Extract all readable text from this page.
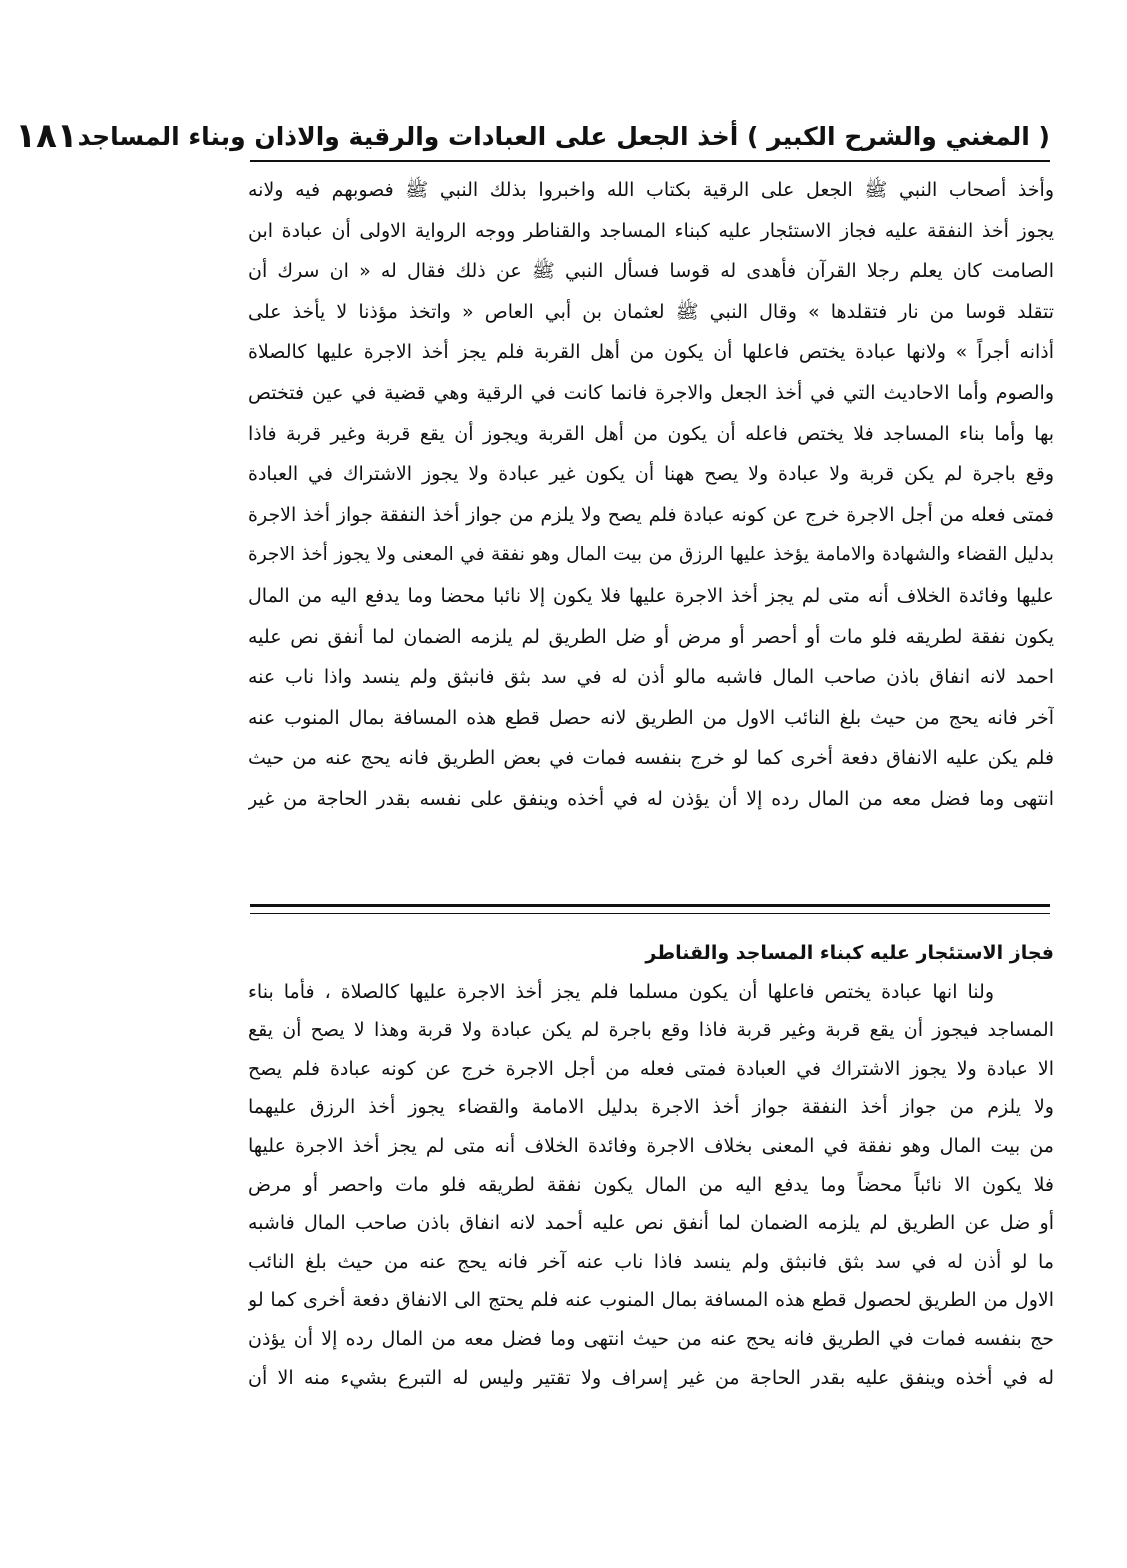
( المغني والشرح الكبير ) أخذ الجعل على العبادات والرقية والاذان وبناء المساجد
١٨١
وأخذ أصحاب النبي ﷺ الجعل على الرقية بكتاب الله واخبروا بذلك النبي ﷺ فصوبهم فيه ولانه
يجوز أخذ النفقة عليه فجاز الاستئجار عليه كبناء المساجد والقناطر ووجه الرواية الاولى أن عبادة ابن
الصامت كان يعلم رجلا القرآن فأهدى له قوسا فسأل النبي ﷺ عن ذلك فقال له « ان سرك أن
تتقلد قوسا من نار فتقلدها » وقال النبي ﷺ لعثمان بن أبي العاص « واتخذ مؤذنا لا يأخذ على
أذانه أجراً » ولانها عبادة يختص فاعلها أن يكون من أهل القربة فلم يجز أخذ الاجرة عليها كالصلاة
والصوم وأما الاحاديث التي في أخذ الجعل والاجرة فانما كانت في الرقية وهي قضية في عين فتختص
بها وأما بناء المساجد فلا يختص فاعله أن يكون من أهل القربة ويجوز أن يقع قربة وغير قربة فاذا
وقع باجرة لم يكن قربة ولا عبادة ولا يصح ههنا أن يكون غير عبادة ولا يجوز الاشتراك في العبادة
فمتى فعله من أجل الاجرة خرج عن كونه عبادة فلم يصح ولا يلزم من جواز أخذ النفقة جواز أخذ الاجرة
بدليل القضاء والشهادة والامامة يؤخذ عليها الرزق من بيت المال وهو نفقة في المعنى ولا يجوز أخذ الاجرة
عليها وفائدة الخلاف أنه متى لم يجز أخذ الاجرة عليها فلا يكون إلا نائبا محضا وما يدفع اليه من المال
يكون نفقة لطريقه فلو مات أو أحصر أو مرض أو ضل الطريق لم يلزمه الضمان لما أنفق نص عليه
احمد لانه انفاق باذن صاحب المال فاشبه مالو أذن له في سد بثق فانبثق ولم ينسد واذا ناب عنه
آخر فانه يحج من حيث بلغ النائب الاول من الطريق لانه حصل قطع هذه المسافة بمال المنوب عنه
فلم يكن عليه الانفاق دفعة أخرى كما لو خرج بنفسه فمات في بعض الطريق فانه يحج عنه من حيث
انتهى وما فضل معه من المال رده إلا أن يؤذن له في أخذه وينفق على نفسه بقدر الحاجة من غير
فجاز الاستئجار عليه كبناء المساجد والقناطر
ولنا انها عبادة يختص فاعلها أن يكون مسلما فلم يجز أخذ الاجرة عليها كالصلاة ، فأما بناء
المساجد فيجوز أن يقع قربة وغير قربة فاذا وقع باجرة لم يكن عبادة ولا قربة وهذا لا يصح أن يقع
الا عبادة ولا يجوز الاشتراك في العبادة فمتى فعله من أجل الاجرة خرج عن كونه عبادة فلم يصح
ولا يلزم من جواز أخذ النفقة جواز أخذ الاجرة بدليل الامامة والقضاء يجوز أخذ الرزق عليهما
من بيت المال وهو نفقة في المعنى بخلاف الاجرة وفائدة الخلاف أنه متى لم يجز أخذ الاجرة عليها
فلا يكون الا نائباً محضاً وما يدفع اليه من المال يكون نفقة لطريقه فلو مات واحصر أو مرض
أو ضل عن الطريق لم يلزمه الضمان لما أنفق نص عليه أحمد لانه انفاق باذن صاحب المال فاشبه
ما لو أذن له في سد بثق فانبثق ولم ينسد فاذا ناب عنه آخر فانه يحج عنه من حيث بلغ النائب
الاول من الطريق لحصول قطع هذه المسافة بمال المنوب عنه فلم يحتج الى الانفاق دفعة أخرى كما لو
حج بنفسه فمات في الطريق فانه يحج عنه من حيث انتهى وما فضل معه من المال رده إلا أن يؤذن
له في أخذه وينفق عليه بقدر الحاجة من غير إسراف ولا تقتير وليس له التبرع بشيء منه الا أن
